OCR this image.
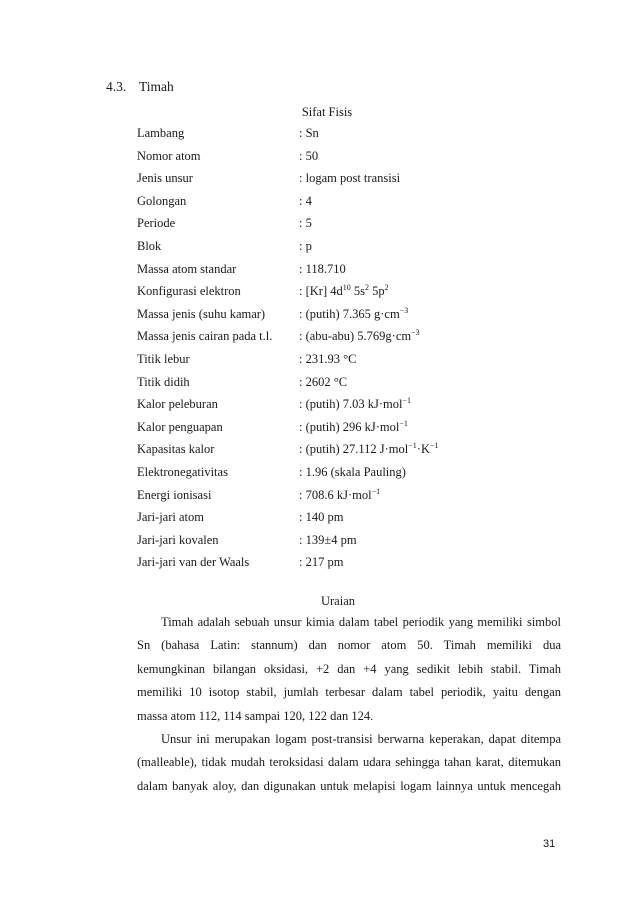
4.3. Timah
Sifat Fisis
Lambang	: Sn
Nomor atom	: 50
Jenis unsur	: logam post transisi
Golongan	: 4
Periode	: 5
Blok	: p
Massa atom standar	: 118.710
Konfigurasi elektron	: [Kr] $4d^{10}$ $5s^2$ $5p^2$
Massa jenis (suhu kamar)	: (putih) 7.365 $g\cdot cm^{-3}$
Massa jenis cairan pada t.l.	: (abu-abu) $5.769g\cdot cm^{-3}$
Titik lebur	: 231.93 °C
Titik didih	: 2602 °C
Kalor peleburan	: (putih) 7.03 kJ·mol$^{-1}$
Kalor penguapan	: (putih) 296 kJ·mol$^{-1}$
Kapasitas kalor	: (putih) 27.112 $J\cdot mol^{-1}\cdot K^{-1}$
Elektronegativitas	: 1.96 (skala Pauling)
Energi ionisasi	: 708.6 kJ·mol$^{-1}$
Jari-jari atom	: 140 pm
Jari-jari kovalen	: 139±4 pm
Jari-jari van der Waals	: 217 pm
Uraian
Timah adalah sebuah unsur kimia dalam tabel periodik yang memiliki simbol
Sn (bahasa Latin: stannum) dan nomor atom 50. Timah memiliki dua
kemungkinan bilangan oksidasi, +2 dan +4 yang sedikit lebih stabil. Timah
memiliki 10 isotop stabil, jumlah terbesar dalam tabel periodik, yaitu dengan
massa atom 112, 114 sampai 120, 122 dan 124.
Unsur ini merupakan logam post-transisi berwarna keperakan, dapat ditempa
(malleable), tidak mudah teroksidasi dalam udara sehingga tahan karat, ditemukan
dalam banyak aloy, dan digunakan untuk melapisi logam lainnya untuk mencegah
31
